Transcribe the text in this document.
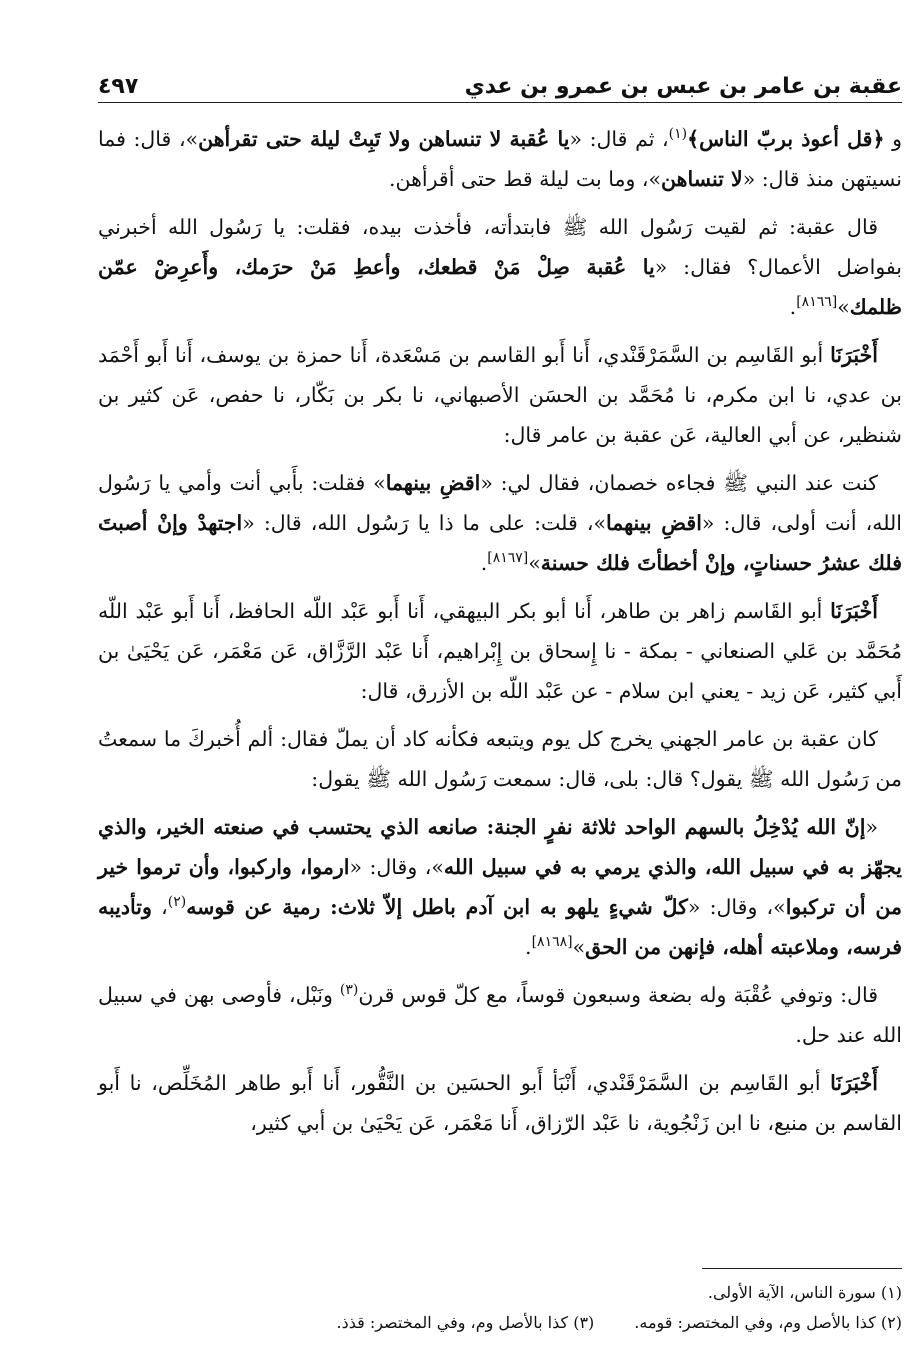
عقبة بن عامر بن عبس بن عمرو بن عدي
٤٩٧

و ﴿قل أعوذ بربّ الناس﴾$^{(١)}$، ثم قال: «يا عُقبة لا تنساهن ولا تَبِتْ ليلة حتى تقرأهن»، قال: فما نسيتهن منذ قال: «لا تنساهن»، وما بت ليلة قط حتى أقرأهن.

قال عقبة: ثم لقيت رَسُول الله ﷺ فابتدأته، فأخذت بيده، فقلت: يا رَسُول الله أخبرني بفواضل الأعمال؟ فقال: «يا عُقبة صِلْ مَنْ قطعك، وأعطِ مَنْ حرَمك، وأَعرِضْ عمّن ظلمك»[٨١٦٦].

أَخْبَرَنَا أبو القَاسِم بن السَّمَرْقَنْدي، أَنا أَبو القاسم بن مَسْعَدة، أَنا حمزة بن يوسف، أَنا أَبو أَحْمَد بن عدي، نا ابن مكرم، نا مُحَمَّد بن الحسَن الأصبهاني، نا بكر بن بَكّار، نا حفص، عَن كثير بن شنظير، عن أبي العالية، عَن عقبة بن عامر قال:

كنت عند النبي ﷺ فجاءه خصمان، فقال لي: «اقضِ بينهما» فقلت: بأَبي أنت وأمي يا رَسُول الله، أنت أولى، قال: «اقضِ بينهما»، قلت: على ما ذا يا رَسُول الله، قال: «اجتهدْ وإنْ أصبتَ فلك عشرُ حسناتٍ، وإنْ أخطأتَ فلك حسنة»[٨١٦٧].

أَخْبَرَنَا أبو القَاسم زاهر بن طاهر، أَنا أبو بكر البيهقي، أَنا أَبو عَبْد اللّه الحافظ، أَنا أَبو عَبْد اللّه مُحَمَّد بن عَلي الصنعاني - بمكة - نا إِسحاق بن إِبْراهيم، أَنا عَبْد الرَّزَّاق، عَن مَعْمَر، عَن يَحْيَىٰ بن أَبي كثير، عَن زيد - يعني ابن سلام - عن عَبْد اللّه بن الأزرق، قال:

كان عقبة بن عامر الجهني يخرج كل يوم ويتبعه فكأنه كاد أن يملّ فقال: ألم أُخبركَ ما سمعتُ من رَسُول الله ﷺ يقول؟ قال: بلى، قال: سمعت رَسُول الله ﷺ يقول:

«إنّ الله يُدْخِلُ بالسهم الواحد ثلاثة نفرٍ الجنة: صانعه الذي يحتسب في صنعته الخير، والذي يجهّز به في سبيل الله، والذي يرمي به في سبيل الله»، وقال: «ارموا، واركبوا، وأن ترموا خير من أن تركبوا»، وقال: «كلّ شيءٍ يلهو به ابن آدم باطل إلاّ ثلاث: رمية عن قوسه$^{(٢)}$، وتأديبه فرسه، وملاعبته أهله، فإنهن من الحق»[٨١٦٨].

قال: وتوفي عُقْبَة وله بضعة وسبعون قوساً، مع كلّ قوس قرن$^{(٣)}$ ونَبْل، فأوصى بهن في سبيل الله عند حل.

أَخْبَرَنَا أبو القَاسِم بن السَّمَرْقَنْدي، أَنْبَأ أَبو الحسَين بن النَّقُّور، أَنا أَبو طاهر المُخَلِّص، نا أَبو القاسم بن منيع، نا ابن زَنْجُوية، نا عَبْد الرّزاق، أَنا مَعْمَر، عَن يَحْيَىٰ بن أبي كثير،

(١) سورة الناس، الآية الأولى.
(٢) كذا بالأصل وم، وفي المختصر: قومه.
(٣) كذا بالأصل وم، وفي المختصر: قذذ.
